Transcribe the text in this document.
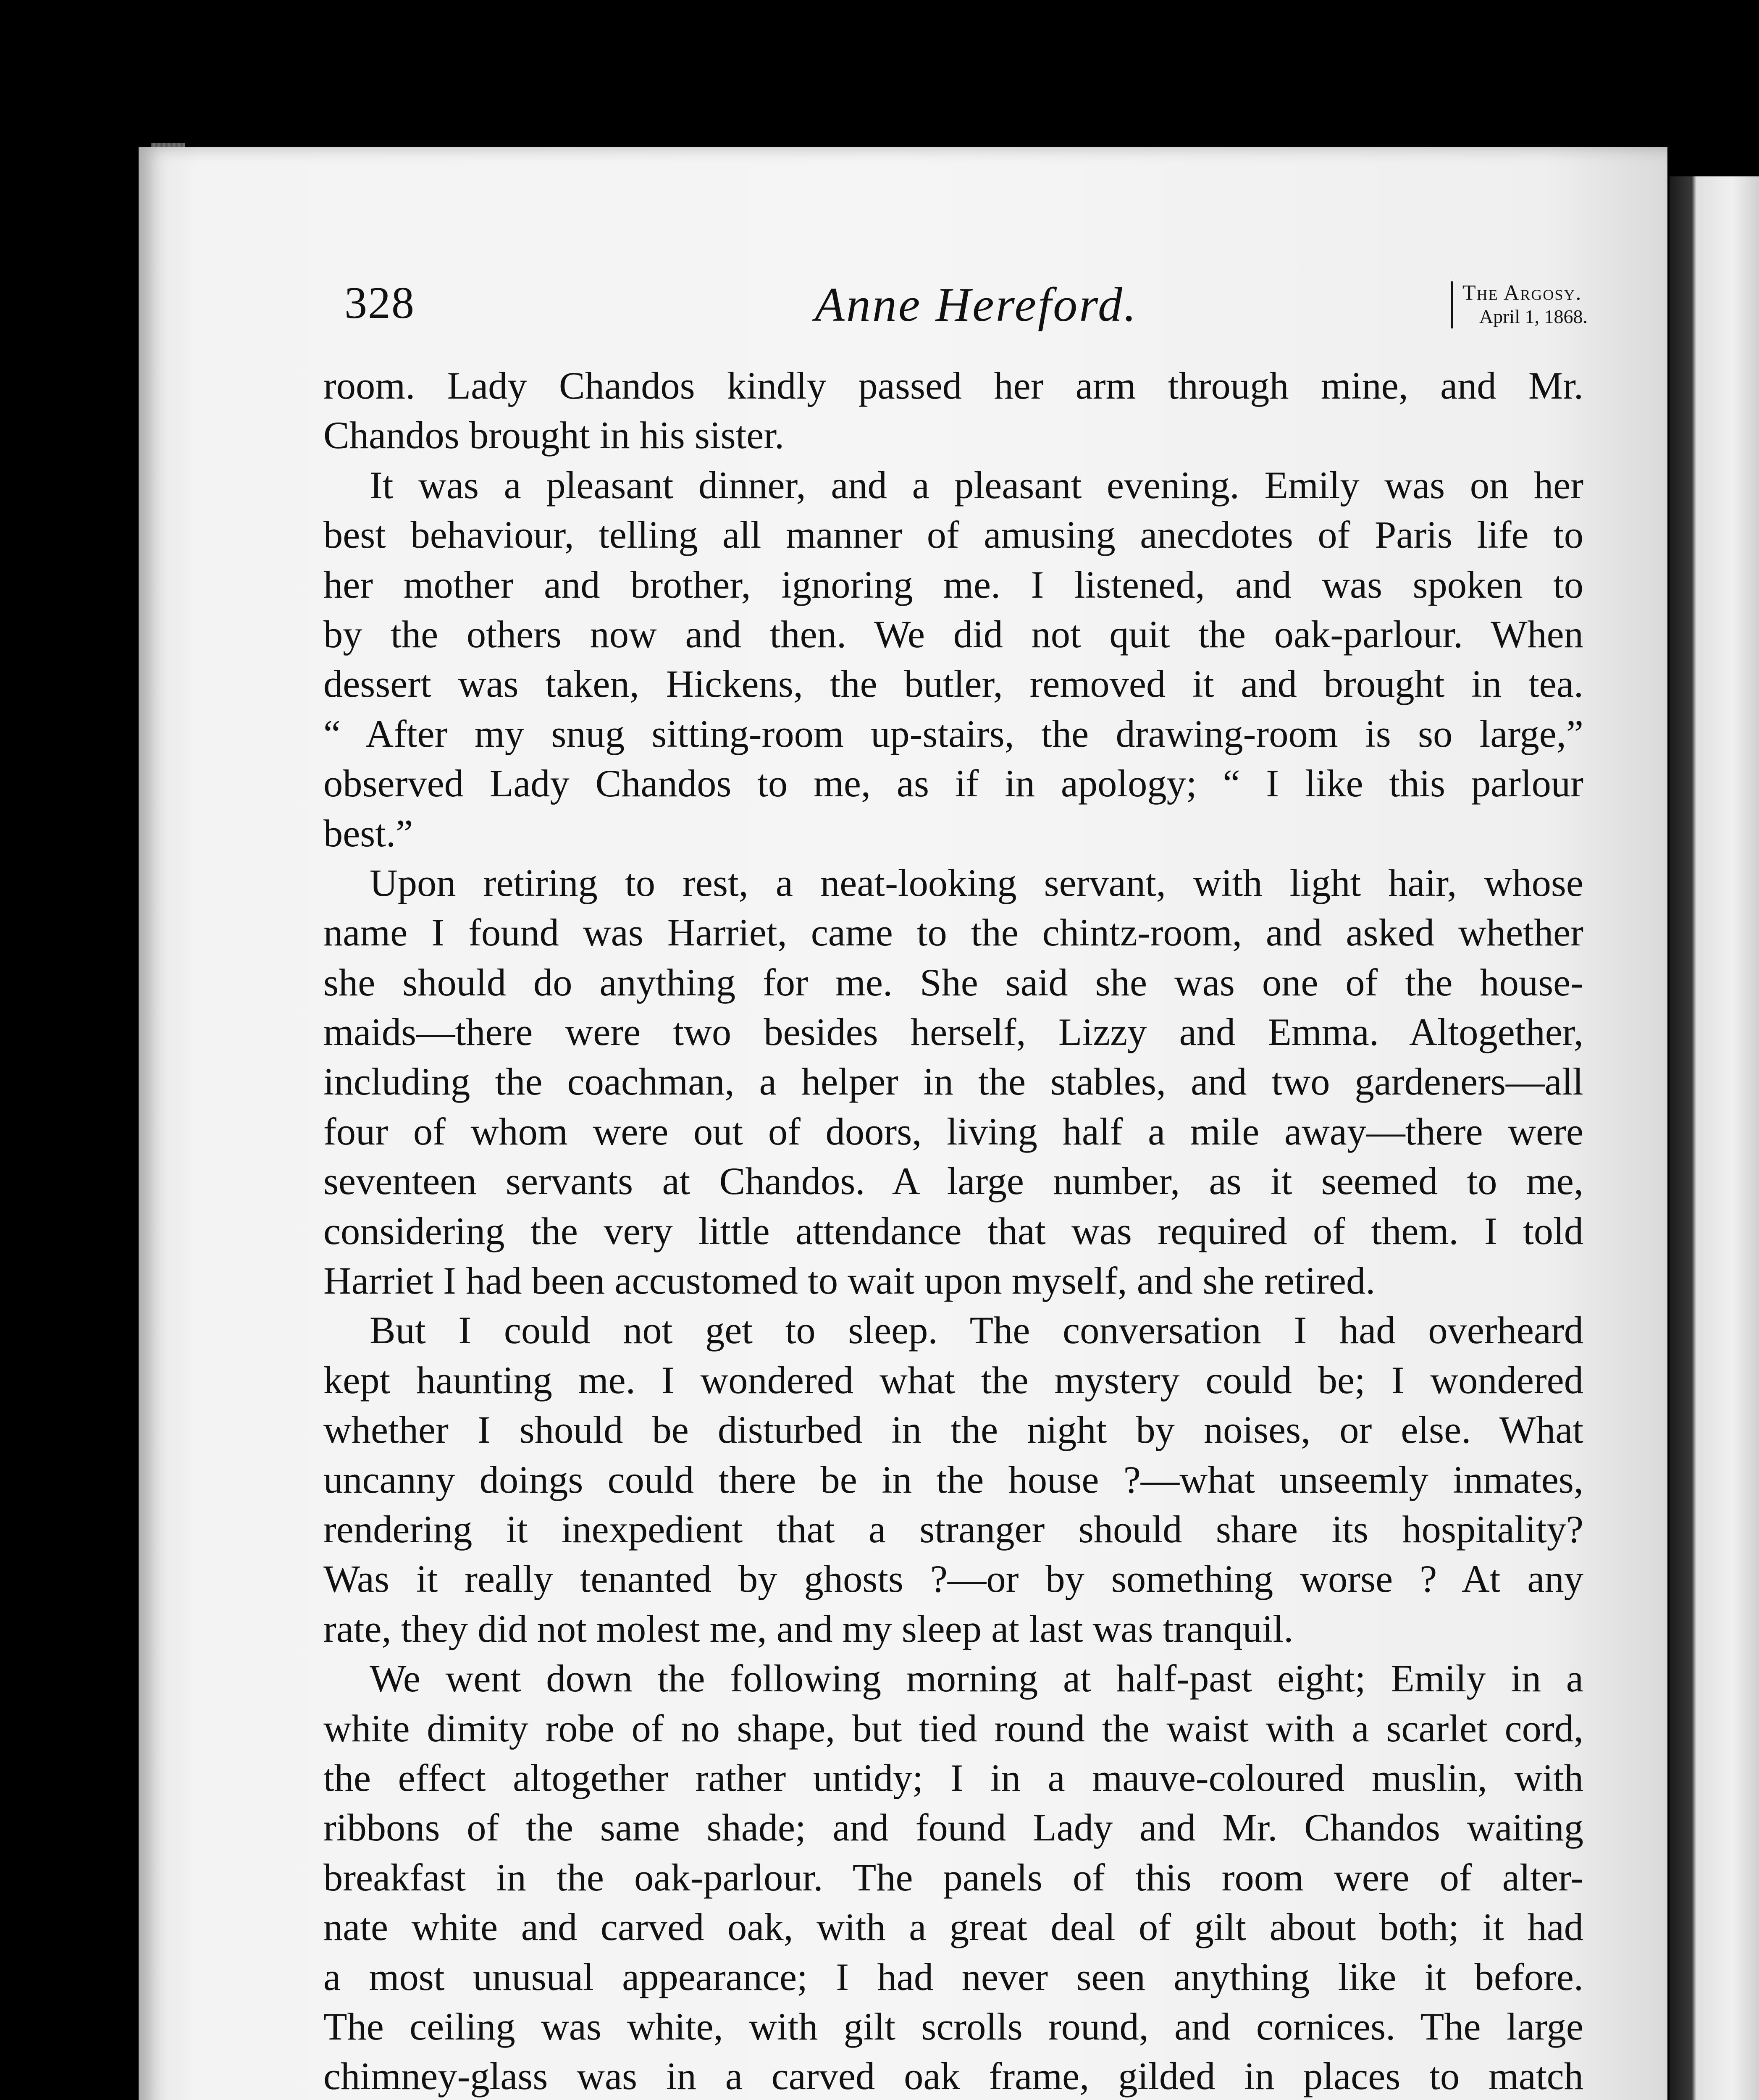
328	Anne Hereford.	The Argosy.
April 1, 1868.
room. Lady Chandos kindly passed her arm through mine, and Mr.
Chandos brought in his sister.
It was a pleasant dinner, and a pleasant evening. Emily was on her
best behaviour, telling all manner of amusing anecdotes of Paris life to
her mother and brother, ignoring me. I listened, and was spoken to
by the others now and then. We did not quit the oak-parlour. When
dessert was taken, Hickens, the butler, removed it and brought in tea.
“ After my snug sitting-room up-stairs, the drawing-room is so large,”
observed Lady Chandos to me, as if in apology; “ I like this parlour
best.”
Upon retiring to rest, a neat-looking servant, with light hair, whose
name I found was Harriet, came to the chintz-room, and asked whether
she should do anything for me. She said she was one of the house-
maids—there were two besides herself, Lizzy and Emma. Altogether,
including the coachman, a helper in the stables, and two gardeners—all
four of whom were out of doors, living half a mile away—there were
seventeen servants at Chandos. A large number, as it seemed to me,
considering the very little attendance that was required of them. I told
Harriet I had been accustomed to wait upon myself, and she retired.
But I could not get to sleep. The conversation I had overheard
kept haunting me. I wondered what the mystery could be; I wondered
whether I should be disturbed in the night by noises, or else. What
uncanny doings could there be in the house ?—what unseemly inmates,
rendering it inexpedient that a stranger should share its hospitality?
Was it really tenanted by ghosts ?—or by something worse ? At any
rate, they did not molest me, and my sleep at last was tranquil.
We went down the following morning at half-past eight; Emily in a
white dimity robe of no shape, but tied round the waist with a scarlet cord,
the effect altogether rather untidy; I in a mauve-coloured muslin, with
ribbons of the same shade; and found Lady and Mr. Chandos waiting
breakfast in the oak-parlour. The panels of this room were of alter-
nate white and carved oak, with a great deal of gilt about both; it had
a most unusual appearance; I had never seen anything like it before.
The ceiling was white, with gilt scrolls round, and cornices. The large
chimney-glass was in a carved oak frame, gilded in places to match
